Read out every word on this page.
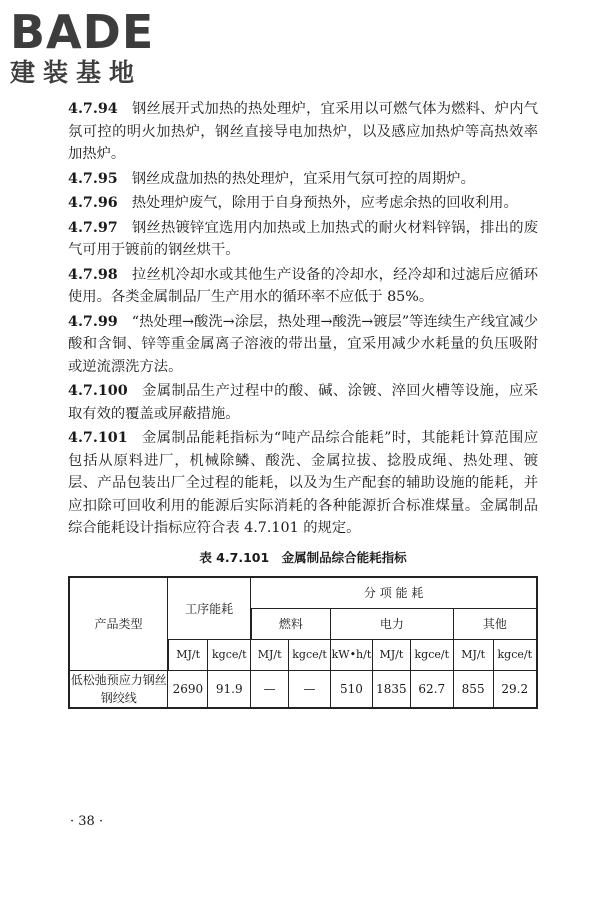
BADE
建装基地
4.7.94 钢丝展开式加热的热处理炉，宜采用以可燃气体为燃料、炉内气氛可控的明火加热炉，钢丝直接导电加热炉，以及感应加热炉等高热效率加热炉。
4.7.95 钢丝成盘加热的热处理炉，宜采用气氛可控的周期炉。
4.7.96 热处理炉废气，除用于自身预热外，应考虑余热的回收利用。
4.7.97 钢丝热镀锌宜选用内加热或上加热式的耐火材料锌锅，排出的废气可用于镀前的钢丝烘干。
4.7.98 拉丝机冷却水或其他生产设备的冷却水，经冷却和过滤后应循环使用。各类金属制品厂生产用水的循环率不应低于 85%。
4.7.99 “热处理→酸洗→涂层，热处理→酸洗→镀层”等连续生产线宜减少酸和含铜、锌等重金属离子溶液的带出量，宜采用减少水耗量的负压吸附或逆流漂洗方法。
4.7.100 金属制品生产过程中的酸、碱、涂镀、淬回火槽等设施，应采取有效的覆盖或屏蔽措施。
4.7.101 金属制品能耗指标为“吨产品综合能耗”时，其能耗计算范围应包括从原料进厂，机械除鳞、酸洗、金属拉拔、捻股成绳、热处理、镀层、产品包装出厂全过程的能耗，以及为生产配套的辅助设施的能耗，并应扣除可回收利用的能源后实际消耗的各种能源折合标准煤量。金属制品综合能耗设计指标应符合表 4.7.101 的规定。
表 4.7.101　金属制品综合能耗指标
产品类型	工序能耗		分 项 能 耗						
			燃料		电力			其他	
	MJ/t	kgce/t	MJ/t	kgce/t	kW•h/t	MJ/t	kgce/t	MJ/t	kgce/t
低松弛预应力钢丝钢绞线	2690	91.9	—	—	510	1835	62.7	855	29.2
· 38 ·
